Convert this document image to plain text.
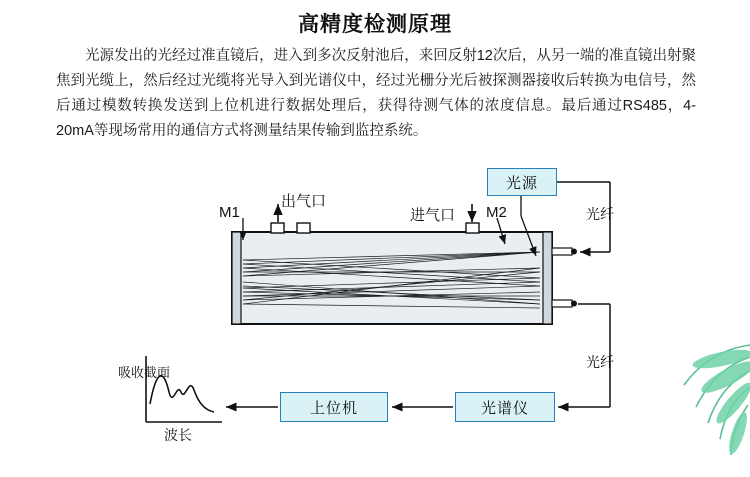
高精度检测原理
光源发出的光经过准直镜后，进入到多次反射池后，来回反射12次后，从另一端的准直镜出射聚焦到光缆上，然后经过光缆将光导入到光谱仪中，经过光栅分光后被探测器接收后转换为电信号，然后通过模数转换发送到上位机进行数据处理后，获得待测气体的浓度信息。最后通过RS485，4-20mA等现场常用的通信方式将测量结果传输到监控系统。
光源
光谱仪
上位机
M1	M2
出气口
进气口	光纤
光纤
波长
吸收截面
